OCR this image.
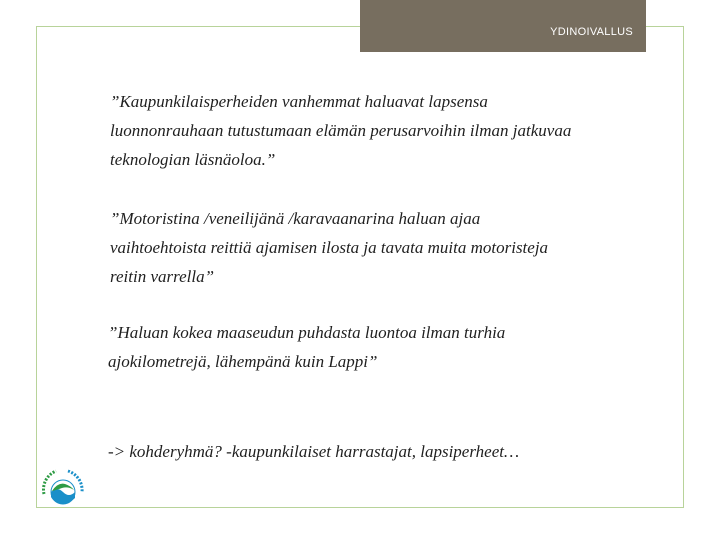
YDINOIVALLUS

”Kaupunkilaisperheiden vanhemmat haluavat lapsensa
luonnonrauhaan tutustumaan elämän perusarvoihin ilman jatkuvaa
teknologian läsnäoloa.”

”Motoristina /veneilijänä /karavaanarina haluan ajaa
vaihtoehtoista reittiä ajamisen ilosta ja tavata muita motoristeja
reitin varrella”

”Haluan kokea maaseudun puhdasta luontoa ilman turhia
ajokilometrejä, lähempänä kuin Lappi”

-> kohderyhmä? -kaupunkilaiset harrastajat, lapsiperheet…
